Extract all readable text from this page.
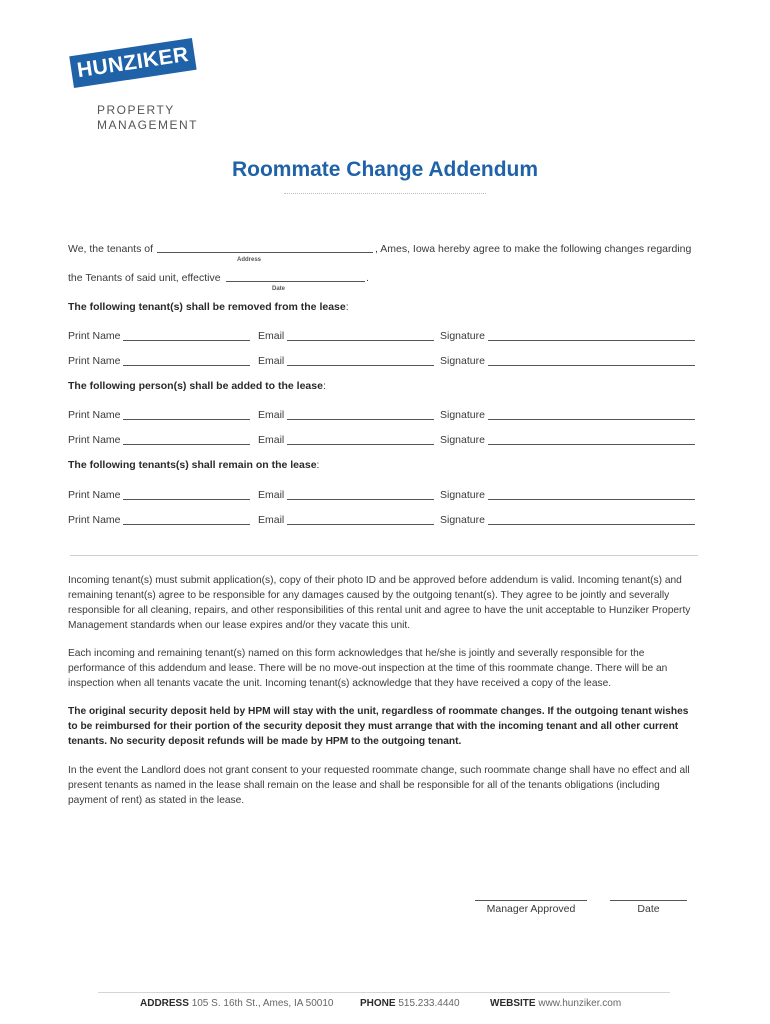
HUNZIKER
PROPERTY
MANAGEMENT
Roommate Change Addendum
We, the tenants of	, Ames, Iowa hereby agree to make the following changes regarding
Address
the Tenants of said unit, effective	.
Date
The following tenant(s) shall be removed from the lease:
Print Name	Email	Signature
Print Name	Email	Signature
The following person(s) shall be added to the lease:
Print Name	Email	Signature
Print Name	Email	Signature
The following tenants(s) shall remain on the lease:
Print Name	Email	Signature
Print Name	Email	Signature

Incoming tenant(s) must submit application(s), copy of their photo ID and be approved before addendum is valid. Incoming tenant(s) and remaining tenant(s) agree to be responsible for any damages caused by the outgoing tenant(s). They agree to be jointly and severally responsible for all cleaning, repairs, and other responsibilities of this rental unit and agree to have the unit acceptable to Hunziker Property Management standards when our lease expires and/or they vacate this unit.

Each incoming and remaining tenant(s) named on this form acknowledges that he/she is jointly and severally responsible for the performance of this addendum and lease. There will be no move-out inspection at the time of this roommate change. There will be an inspection when all tenants vacate the unit. Incoming tenant(s) acknowledge that they have received a copy of the lease.

The original security deposit held by HPM will stay with the unit, regardless of roommate changes. If the outgoing tenant wishes to be reimbursed for their portion of the security deposit they must arrange that with the incoming tenant and all other current tenants. No security deposit refunds will be made by HPM to the outgoing tenant.

In the event the Landlord does not grant consent to your requested roommate change, such roommate change shall have no effect and all present tenants as named in the lease shall remain on the lease and shall be responsible for all of the tenants obligations (including payment of rent) as stated in the lease.

Manager Approved	Date
ADDRESS 105 S. 16th St., Ames, IA 50010	PHONE 515.233.4440	WEBSITE www.hunziker.com
